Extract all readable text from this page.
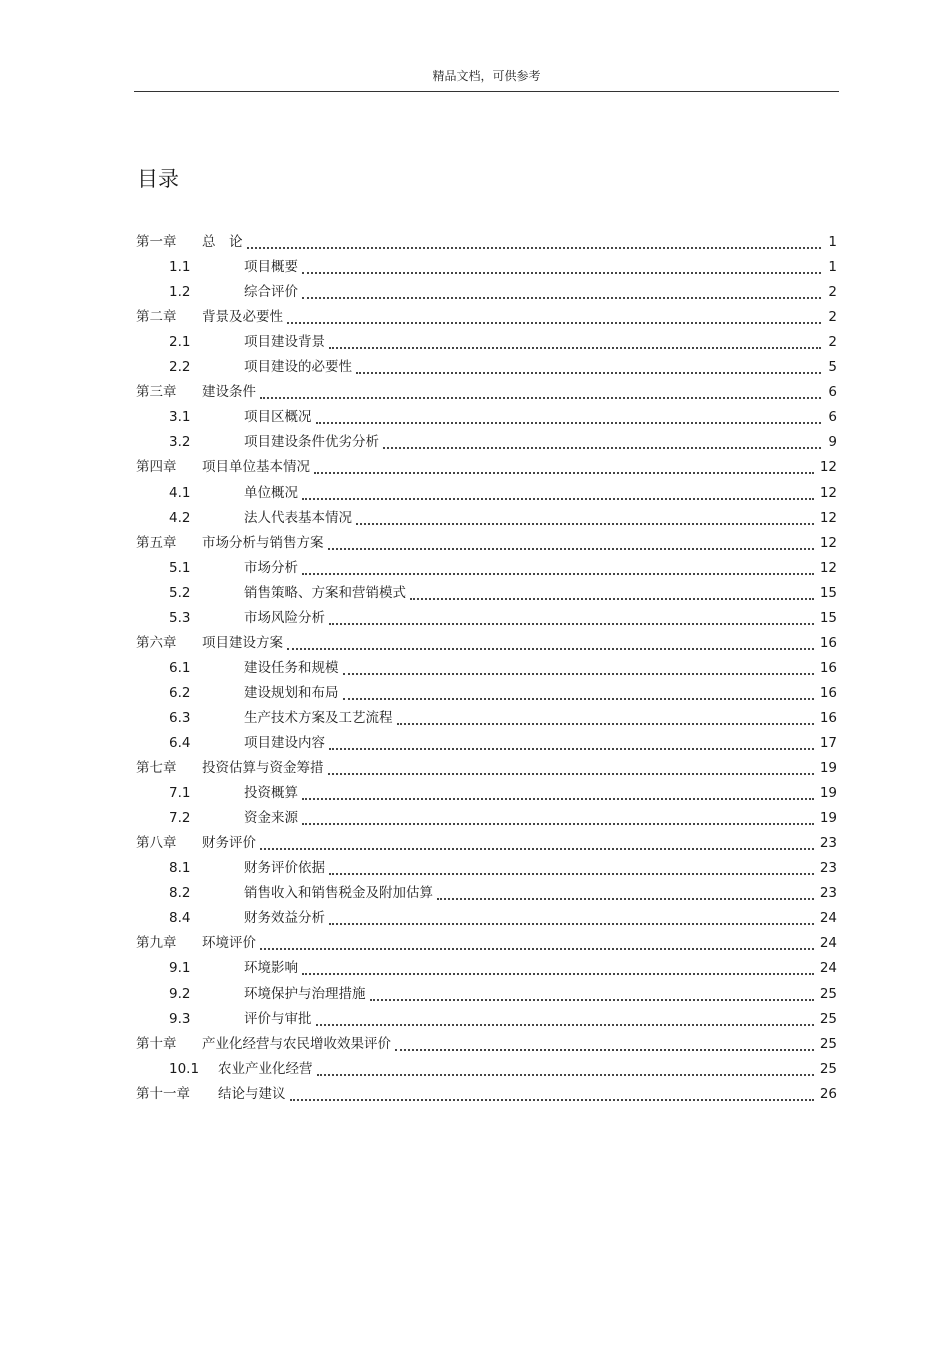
精品文档，可供参考
目录
第一章	总　论	1
1.1	项目概要	1
1.2	综合评价	2
第二章	背景及必要性	2
2.1	项目建设背景	2
2.2	项目建设的必要性	5
第三章	建设条件	6
3.1	项目区概况	6
3.2	项目建设条件优劣分析	9
第四章	项目单位基本情况	12
4.1	单位概况	12
4.2	法人代表基本情况	12
第五章	市场分析与销售方案	12
5.1	市场分析	12
5.2	销售策略、方案和营销模式	15
5.3	市场风险分析	15
第六章	项目建设方案	16
6.1	建设任务和规模	16
6.2	建设规划和布局	16
6.3	生产技术方案及工艺流程	16
6.4	项目建设内容	17
第七章	投资估算与资金筹措	19
7.1	投资概算	19
7.2	资金来源	19
第八章	财务评价	23
8.1	财务评价依据	23
8.2	销售收入和销售税金及附加估算	23
8.4	财务效益分析	24
第九章	环境评价	24
9.1	环境影响	24
9.2	环境保护与治理措施	25
9.3	评价与审批	25
第十章	产业化经营与农民增收效果评价	25
10.1	农业产业化经营	25
第十一章	结论与建议	26
